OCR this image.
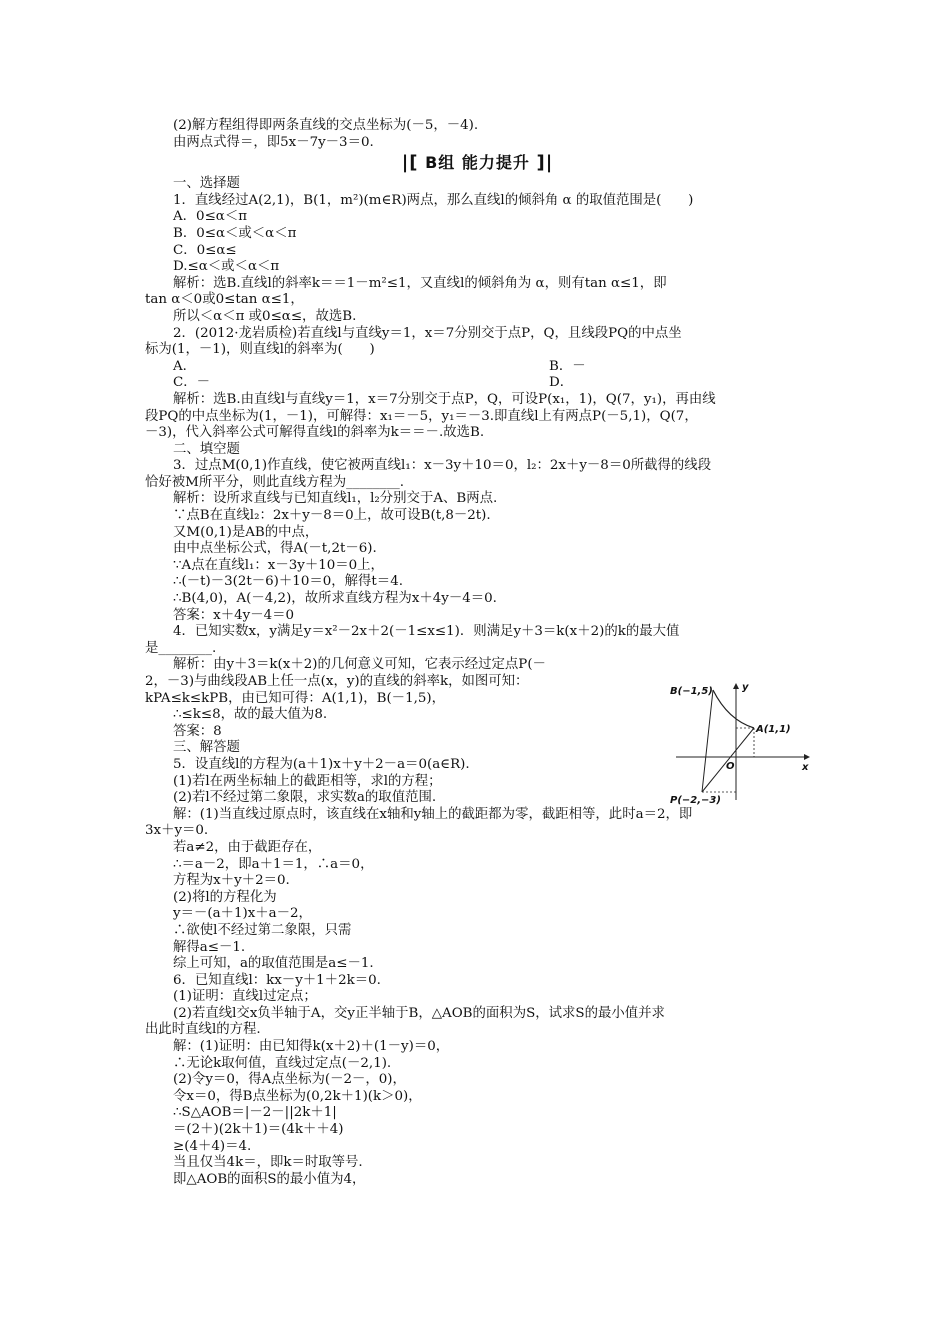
(2)解方程组得即两条直线的交点坐标为(－5，－4).
由两点式得＝，即5x－7y－3＝0.
|[ B组 能力提升 ]|
一、选择题
1．直线经过A(2,1)，B(1，m²)(m∈R)两点，那么直线l的倾斜角 α 的取值范围是(　　)
A．0≤α＜π
B．0≤α＜或＜α＜π
C．0≤α≤
D.≤α＜或＜α＜π
解析：选B.直线l的斜率k＝＝1－m²≤1，又直线l的倾斜角为 α，则有tan α≤1，即
tan α＜0或0≤tan α≤1，
所以＜α＜π 或0≤α≤，故选B.
2．(2012·龙岩质检)若直线l与直线y＝1，x＝7分别交于点P，Q，且线段PQ的中点坐
标为(1，－1)，则直线l的斜率为(　　)
A．	B．－
C．－	D．
解析：选B.由直线l与直线y＝1，x＝7分别交于点P，Q，可设P(x₁，1)，Q(7，y₁)，再由线
段PQ的中点坐标为(1，－1)，可解得：x₁＝－5，y₁＝－3.即直线l上有两点P(－5,1)，Q(7，
－3)，代入斜率公式可解得直线l的斜率为k＝＝－.故选B.
二、填空题
3．过点M(0,1)作直线，使它被两直线l₁：x－3y＋10＝0，l₂：2x＋y－8＝0所截得的线段
恰好被M所平分，则此直线方程为________.
解析：设所求直线与已知直线l₁，l₂分别交于A、B两点.
∵点B在直线l₂：2x＋y－8＝0上，故可设B(t,8－2t).
又M(0,1)是AB的中点，
由中点坐标公式，得A(－t,2t－6).
∵A点在直线l₁：x－3y＋10＝0上，
∴(－t)－3(2t－6)＋10＝0，解得t＝4.
∴B(4,0)，A(－4,2)，故所求直线方程为x＋4y－4＝0.
答案：x＋4y－4＝0
4．已知实数x，y满足y＝x²－2x＋2(－1≤x≤1)．则满足y＋3＝k(x＋2)的k的最大值
是________.
解析：由y＋3＝k(x＋2)的几何意义可知，它表示经过定点P(－
2，－3)与曲线段AB上任一点(x，y)的直线的斜率k，如图可知：
kPA≤k≤kPB，由已知可得：A(1,1)，B(－1,5)，
∴≤k≤8，故的最大值为8.
答案：8
三、解答题
5．设直线l的方程为(a＋1)x＋y＋2－a＝0(a∈R).
(1)若l在两坐标轴上的截距相等，求l的方程；
(2)若l不经过第二象限，求实数a的取值范围.
解：(1)当直线过原点时，该直线在x轴和y轴上的截距都为零，截距相等，此时a＝2，即
3x＋y＝0.
若a≠2，由于截距存在，
∴＝a－2，即a＋1＝1，∴a＝0，
方程为x＋y＋2＝0.
(2)将l的方程化为
y＝－(a＋1)x＋a－2，
∴欲使l不经过第二象限，只需
解得a≤－1.
综上可知，a的取值范围是a≤－1.
6．已知直线l：kx－y＋1＋2k＝0.
(1)证明：直线l过定点；
(2)若直线l交x负半轴于A，交y正半轴于B，△AOB的面积为S，试求S的最小值并求
出此时直线l的方程.
解：(1)证明：由已知得k(x＋2)＋(1－y)＝0，
∴无论k取何值，直线过定点(－2,1).
(2)令y＝0，得A点坐标为(－2－，0)，
令x＝0，得B点坐标为(0,2k＋1)(k＞0)，
∴S△AOB＝|－2－||2k＋1|
＝(2＋)(2k＋1)＝(4k＋＋4)
≥(4＋4)＝4.
当且仅当4k＝，即k＝时取等号.
即△AOB的面积S的最小值为4，
B(−1,5)
A(1,1)
P(−2,−3)
O	x
y
